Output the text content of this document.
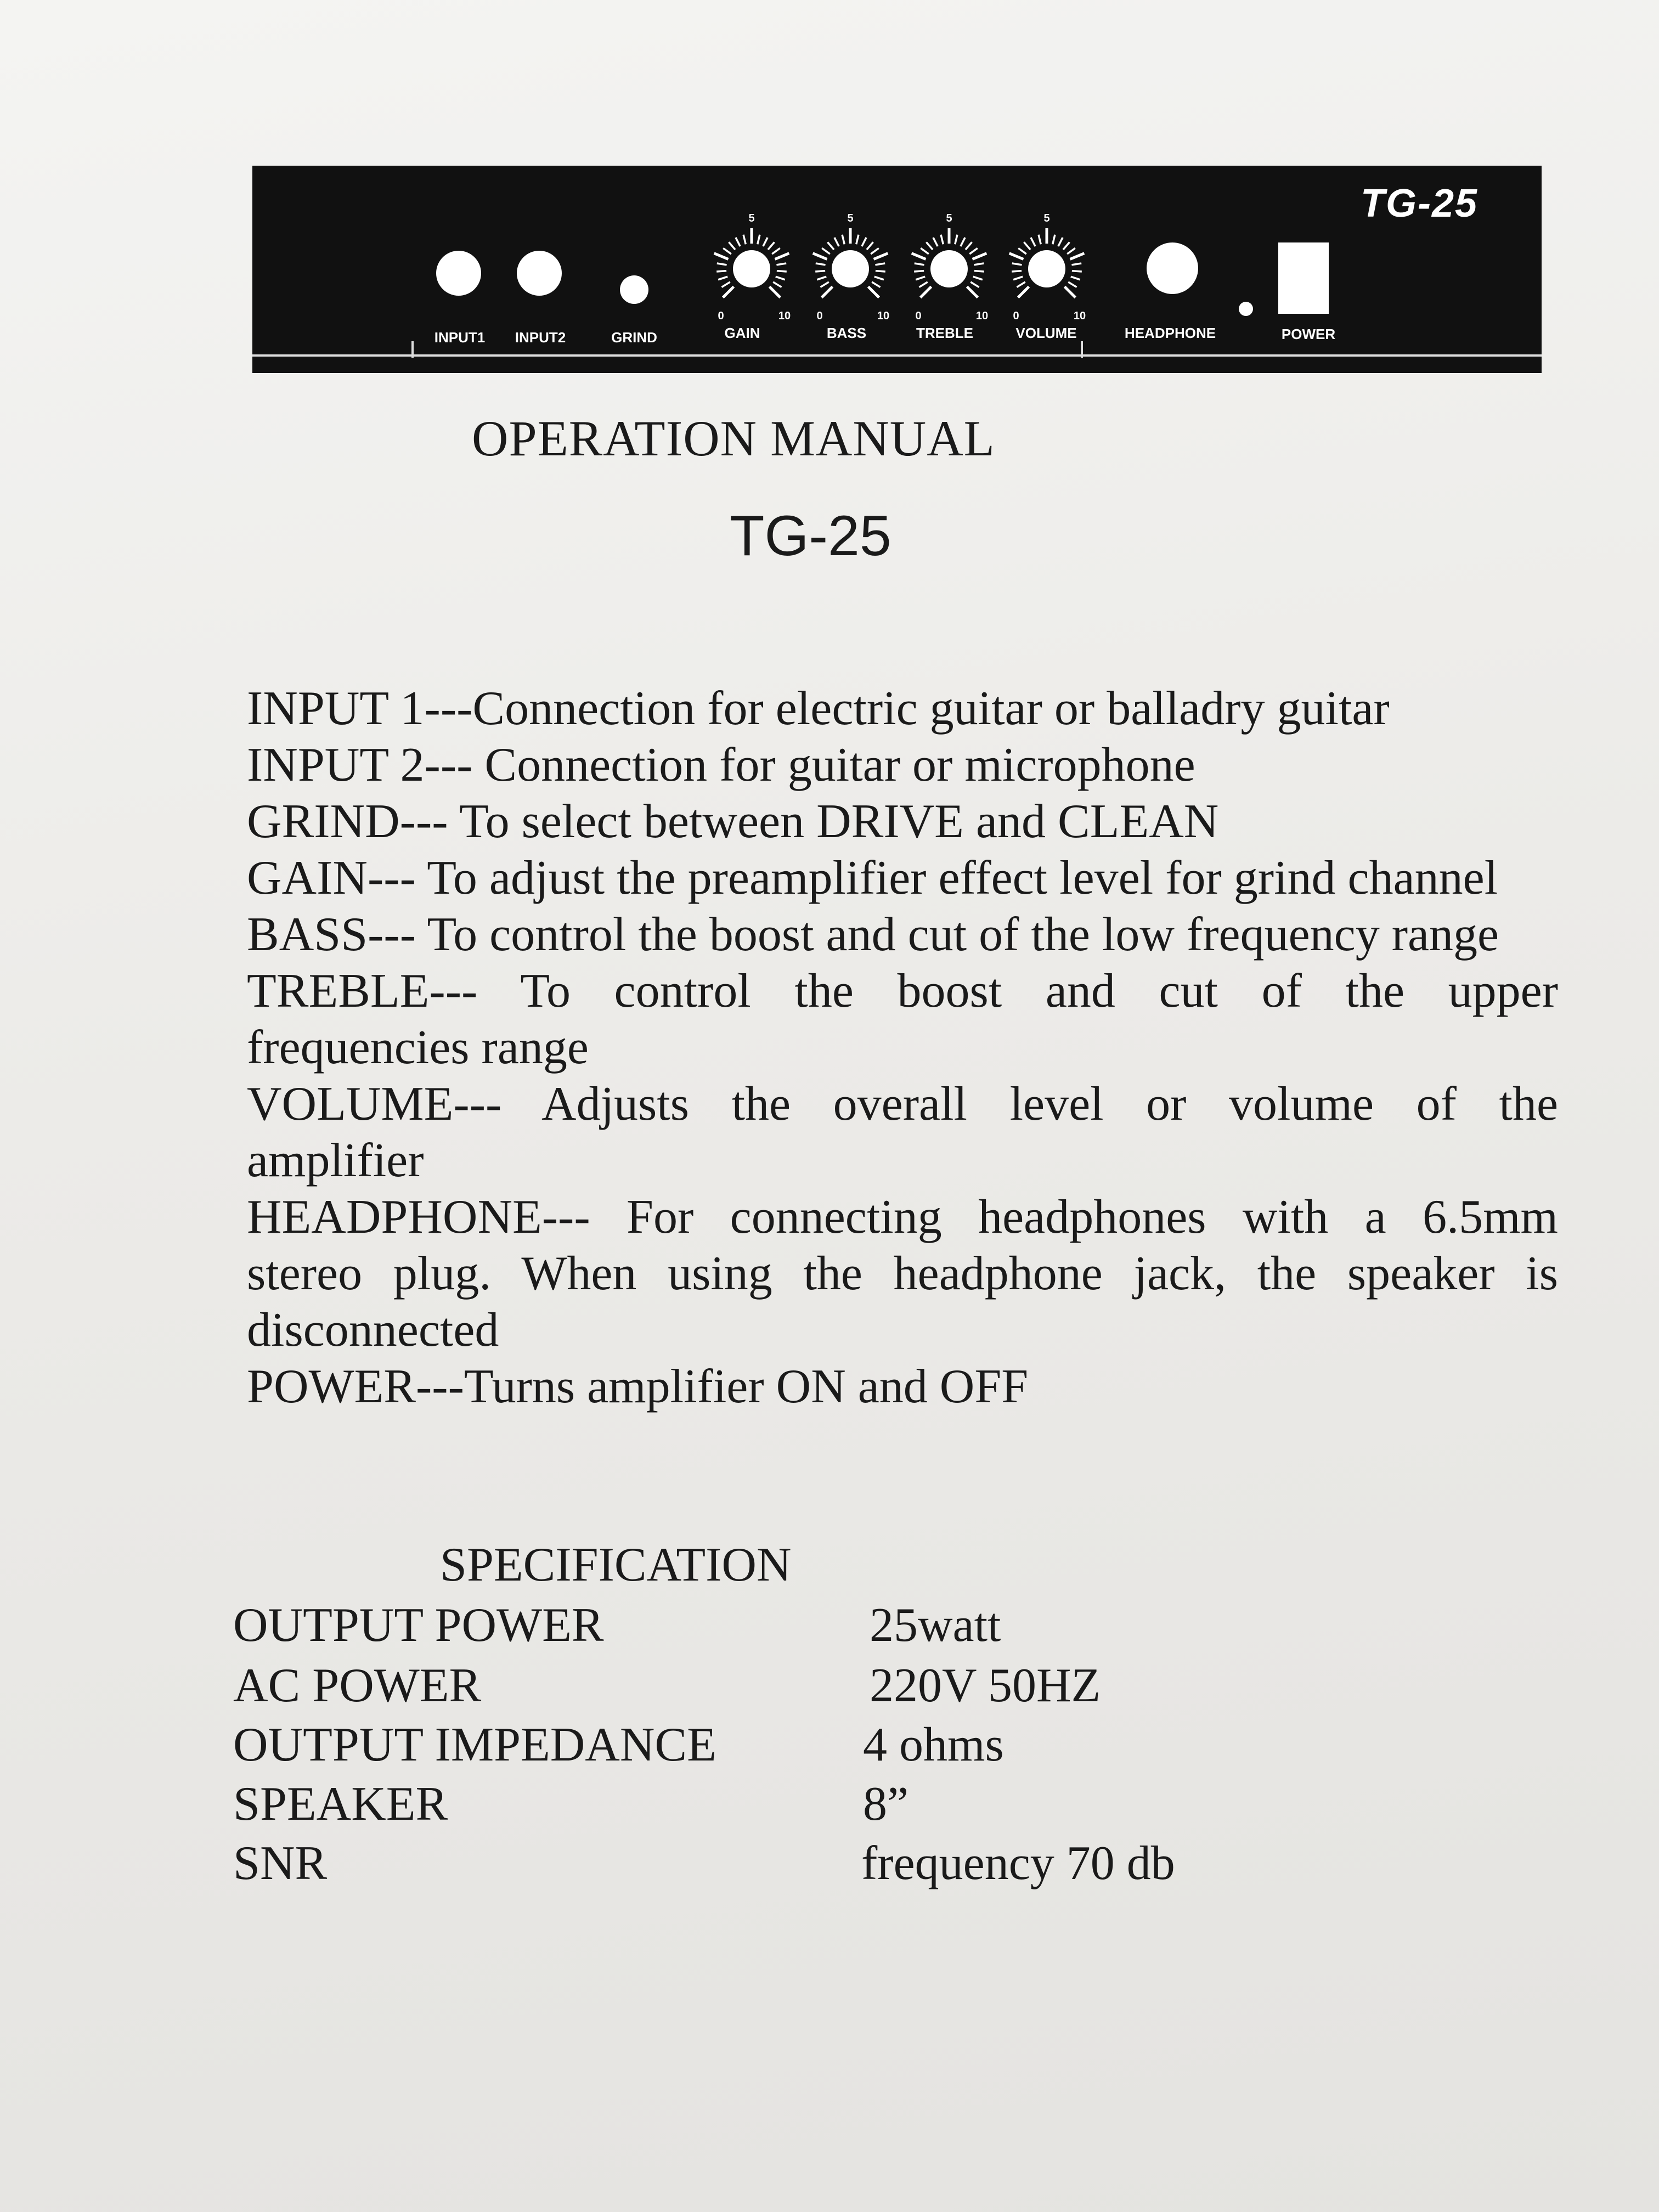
TG-25
5
0	10
5
0	10
5
0	10
5
0	10
INPUT1 INPUT2	GRIND	GAIN	BASS	TREBLE	VOLUME	HEADPHONE	POWER
OPERATION MANUAL
TG-25
INPUT 1---Connection for electric guitar or balladry guitar
INPUT 2--- Connection for guitar or microphone
GRIND--- To select between DRIVE and CLEAN
GAIN--- To adjust the preamplifier effect level for grind channel
BASS--- To control the boost and cut of the low frequency range
TREBLE--- To control the boost and cut of the upper
frequencies range
VOLUME--- Adjusts the overall level or volume of the
amplifier
HEADPHONE--- For connecting headphones with a 6.5mm
stereo plug. When using the headphone jack, the speaker is
disconnected
POWER---Turns amplifier ON and OFF
SPECIFICATION
OUTPUT POWER	25watt
AC POWER	220V 50HZ
OUTPUT IMPEDANCE	4 ohms
SPEAKER	8”
SNR	frequency 70 db
